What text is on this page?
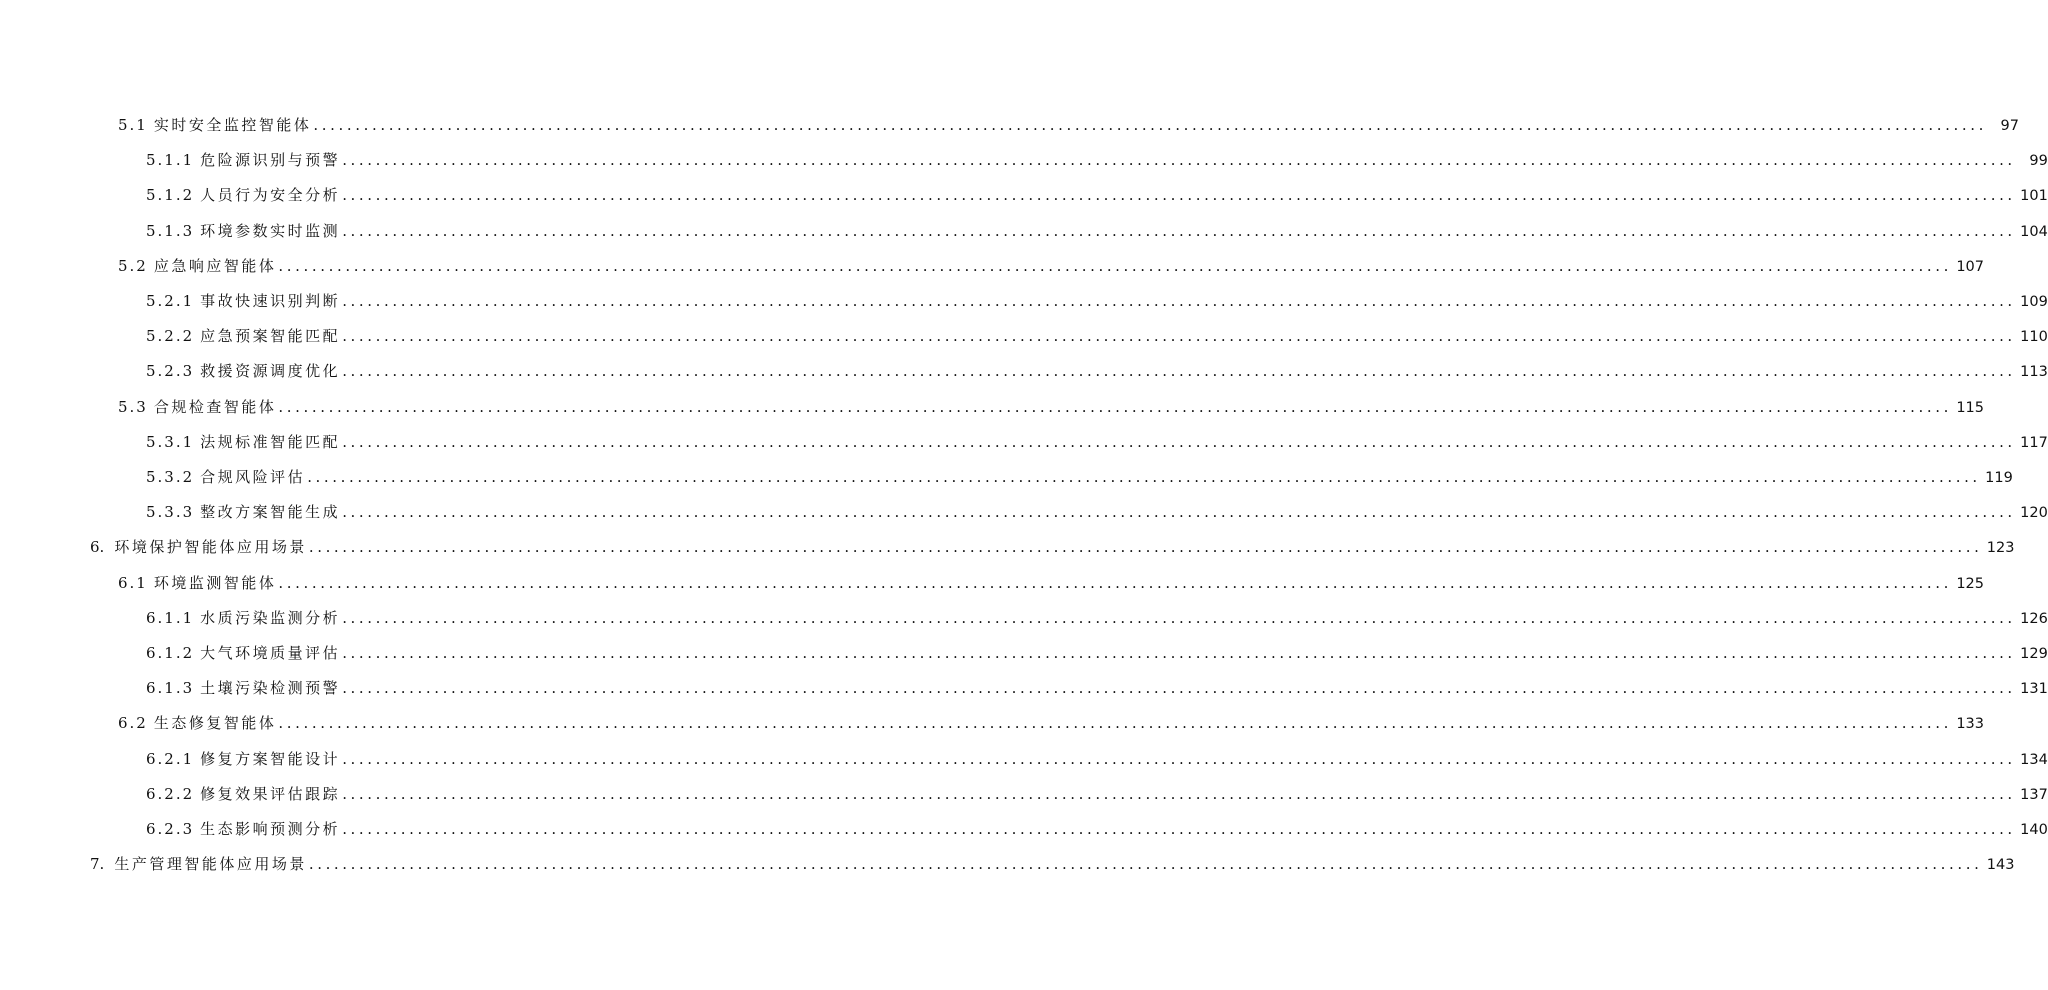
5.1 实时安全监控智能体 ........................................................................................................................................................................................................ 97
5.1.1 危险源识别与预警 ........................................................................................................................................................................................................ 99
5.1.2 人员行为安全分析 ........................................................................................................................................................................................................ 101
5.1.3 环境参数实时监测 ........................................................................................................................................................................................................ 104
5.2 应急响应智能体 ........................................................................................................................................................................................................ 107
5.2.1 事故快速识别判断 ........................................................................................................................................................................................................ 109
5.2.2 应急预案智能匹配 ........................................................................................................................................................................................................ 110
5.2.3 救援资源调度优化 ........................................................................................................................................................................................................ 113
5.3 合规检查智能体 ........................................................................................................................................................................................................ 115
5.3.1 法规标准智能匹配 ........................................................................................................................................................................................................ 117
5.3.2 合规风险评估 ........................................................................................................................................................................................................ 119
5.3.3 整改方案智能生成 ........................................................................................................................................................................................................ 120
6. 环境保护智能体应用场景 ........................................................................................................................................................................................................ 123
6.1 环境监测智能体 ........................................................................................................................................................................................................ 125
6.1.1 水质污染监测分析 ........................................................................................................................................................................................................ 126
6.1.2 大气环境质量评估 ........................................................................................................................................................................................................ 129
6.1.3 土壤污染检测预警 ........................................................................................................................................................................................................ 131
6.2 生态修复智能体 ........................................................................................................................................................................................................ 133
6.2.1 修复方案智能设计 ........................................................................................................................................................................................................ 134
6.2.2 修复效果评估跟踪 ........................................................................................................................................................................................................ 137
6.2.3 生态影响预测分析 ........................................................................................................................................................................................................ 140
7. 生产管理智能体应用场景 ........................................................................................................................................................................................................ 143
